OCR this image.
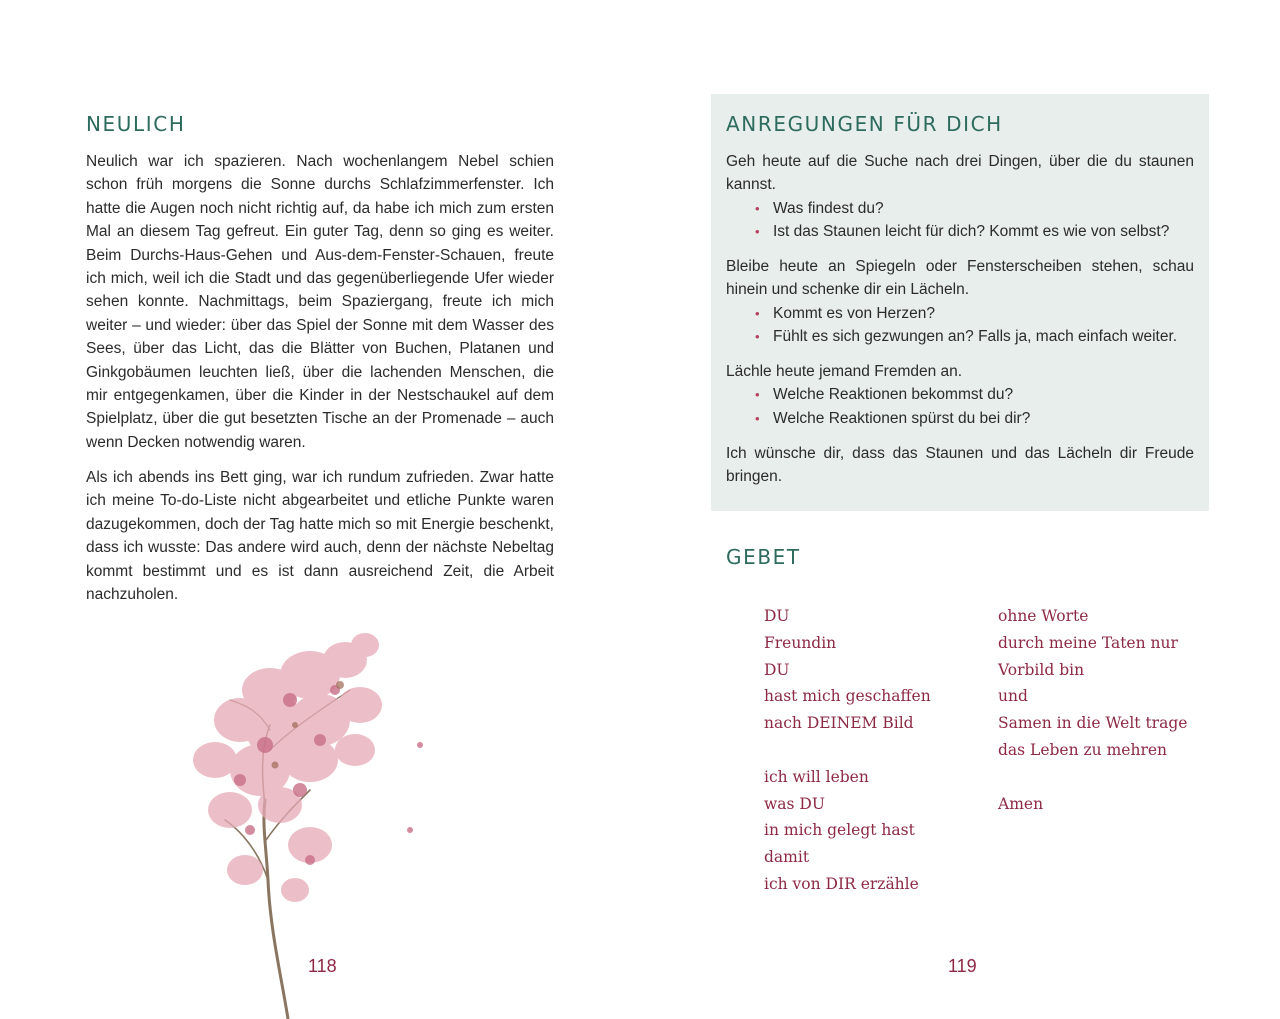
NEULICH

Neulich war ich spazieren. Nach wochenlangem Nebel schien schon früh morgens die Sonne durchs Schlafzimmerfenster. Ich hatte die Augen noch nicht richtig auf, da habe ich mich zum ersten Mal an diesem Tag gefreut. Ein guter Tag, denn so ging es weiter. Beim Durchs-Haus-Gehen und Aus-dem-Fenster-Schauen, freute ich mich, weil ich die Stadt und das gegenüberliegende Ufer wieder sehen konnte. Nachmittags, beim Spaziergang, freute ich mich weiter – und wieder: über das Spiel der Sonne mit dem Wasser des Sees, über das Licht, das die Blätter von Buchen, Platanen und Ginkgobäumen leuchten ließ, über die lachenden Menschen, die mir entgegenkamen, über die Kinder in der Nestschaukel auf dem Spielplatz, über die gut besetzten Tische an der Promenade – auch wenn Decken notwendig waren.

Als ich abends ins Bett ging, war ich rundum zufrieden. Zwar hatte ich meine To-do-Liste nicht abgearbeitet und etliche Punkte waren dazugekommen, doch der Tag hatte mich so mit Energie beschenkt, dass ich wusste: Das andere wird auch, denn der nächste Nebeltag kommt bestimmt und es ist dann ausreichend Zeit, die Arbeit nachzuholen.

118
ANREGUNGEN FÜR DICH

Geh heute auf die Suche nach drei Dingen, über die du staunen kannst.

• Was findest du?
• Ist das Staunen leicht für dich? Kommt es wie von selbst?

Bleibe heute an Spiegeln oder Fensterscheiben stehen, schau hinein und schenke dir ein Lächeln.

• Kommt es von Herzen?
• Fühlt es sich gezwungen an? Falls ja, mach einfach weiter.

Lächle heute jemand Fremden an.

• Welche Reaktionen bekommst du?
• Welche Reaktionen spürst du bei dir?

Ich wünsche dir, dass das Staunen und das Lächeln dir Freude bringen.

GEBET
DU
Freundin
DU
hast mich geschaffen
nach DEINEM Bild
ich will leben
was DU
in mich gelegt hast
damit
ich von DIR erzähle
ohne Worte
durch meine Taten nur
Vorbild bin
und
Samen in die Welt trage
das Leben zu mehren
Amen
119
